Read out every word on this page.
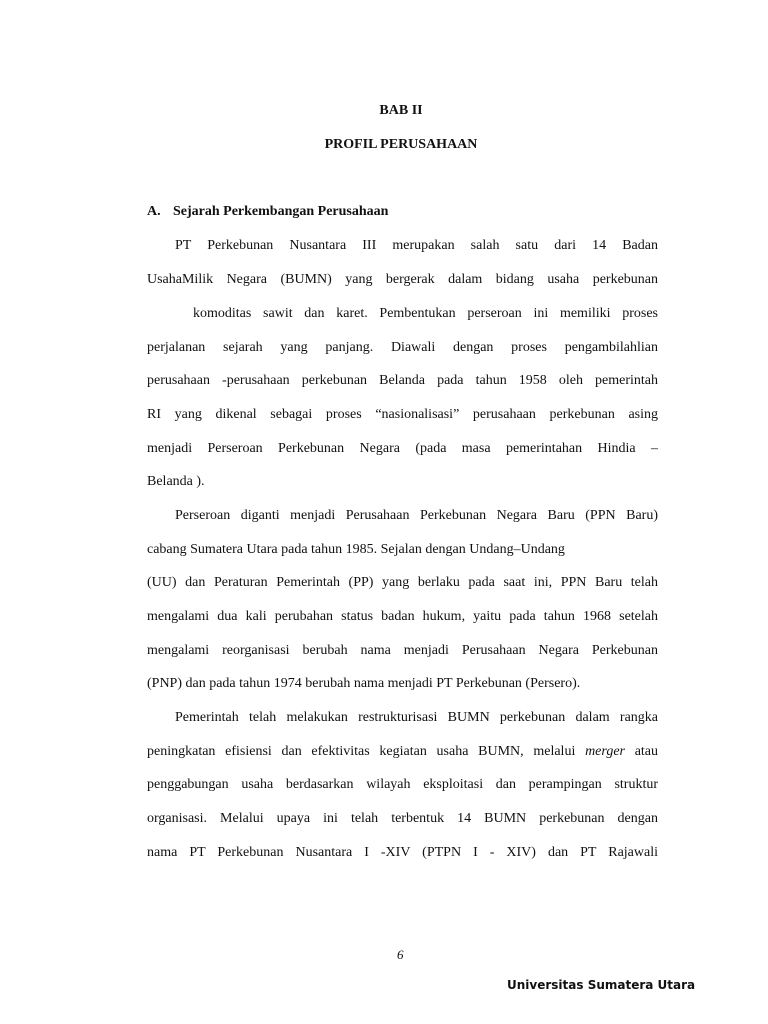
BAB II
PROFIL PERUSAHAAN
A. Sejarah Perkembangan Perusahaan
PT Perkebunan Nusantara III merupakan salah satu dari 14 Badan
UsahaMilik Negara (BUMN) yang bergerak dalam bidang usaha perkebunan
komoditas sawit dan karet. Pembentukan perseroan ini memiliki proses
perjalanan sejarah yang panjang. Diawali dengan proses pengambilahlian
perusahaan -perusahaan perkebunan Belanda pada tahun 1958 oleh pemerintah
RI yang dikenal sebagai proses “nasionalisasi” perusahaan perkebunan asing
menjadi Perseroan Perkebunan Negara (pada masa pemerintahan Hindia –
Belanda ).
Perseroan diganti menjadi Perusahaan Perkebunan Negara Baru (PPN Baru)
cabang Sumatera Utara pada tahun 1985. Sejalan dengan Undang–Undang
(UU) dan Peraturan Pemerintah (PP) yang berlaku pada saat ini, PPN Baru telah
mengalami dua kali perubahan status badan hukum, yaitu pada tahun 1968 setelah
mengalami reorganisasi berubah nama menjadi Perusahaan Negara Perkebunan
(PNP) dan pada tahun 1974 berubah nama menjadi PT Perkebunan (Persero).
Pemerintah telah melakukan restrukturisasi BUMN perkebunan dalam rangka
peningkatan efisiensi dan efektivitas kegiatan usaha BUMN, melalui merger atau
penggabungan usaha berdasarkan wilayah eksploitasi dan perampingan struktur
organisasi. Melalui upaya ini telah terbentuk 14 BUMN perkebunan dengan
nama PT Perkebunan Nusantara I -XIV (PTPN I - XIV) dan PT Rajawali
6
Universitas Sumatera Utara
